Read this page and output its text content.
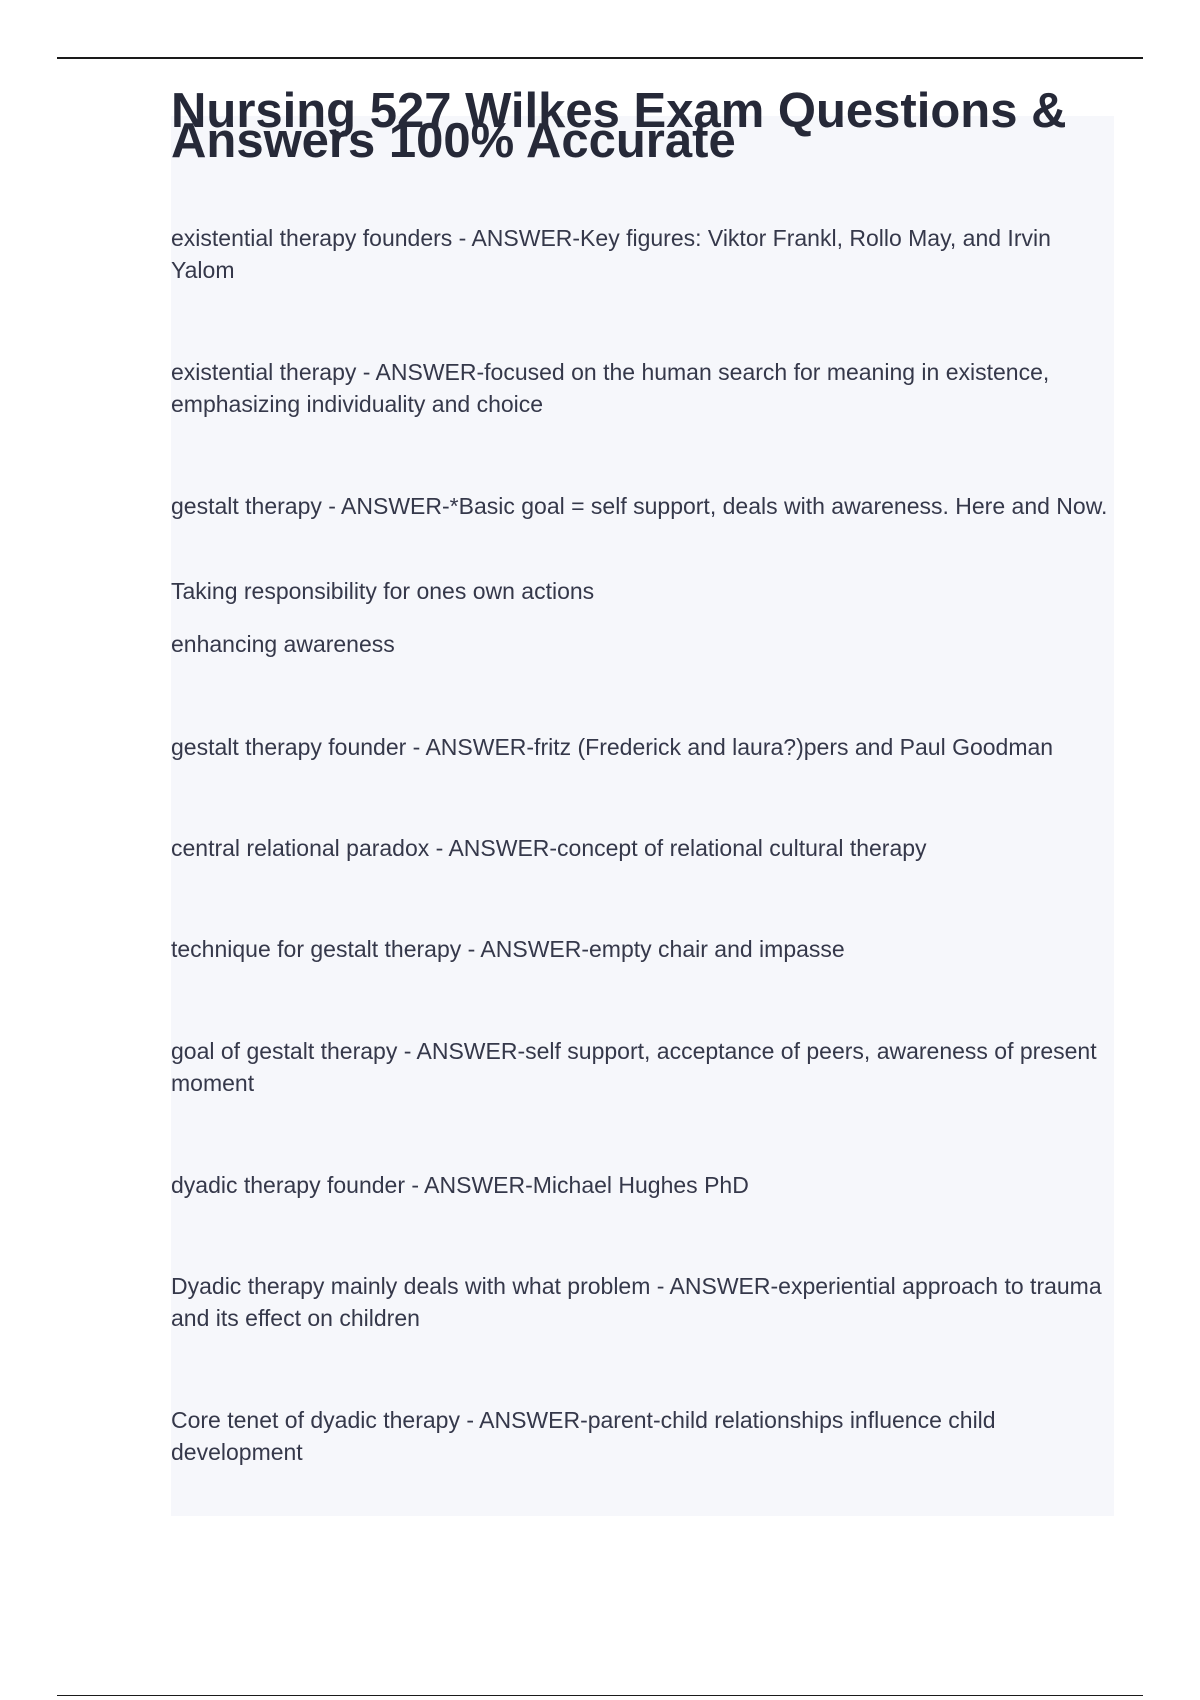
Nursing 527 Wilkes Exam Questions & Answers 100% Accurate

existential therapy founders - ANSWER-Key figures: Viktor Frankl, Rollo May, and Irvin Yalom

existential therapy - ANSWER-focused on the human search for meaning in existence, emphasizing individuality and choice

gestalt therapy - ANSWER-*Basic goal = self support, deals with awareness. Here and Now.

Taking responsibility for ones own actions

enhancing awareness

gestalt therapy founder - ANSWER-fritz (Frederick and laura?)pers and Paul Goodman

central relational paradox - ANSWER-concept of relational cultural therapy

technique for gestalt therapy - ANSWER-empty chair and impasse

goal of gestalt therapy - ANSWER-self support, acceptance of peers, awareness of present moment

dyadic therapy founder - ANSWER-Michael Hughes PhD

Dyadic therapy mainly deals with what problem - ANSWER-experiential approach to trauma and its effect on children

Core tenet of dyadic therapy - ANSWER-parent-child relationships influence child development
